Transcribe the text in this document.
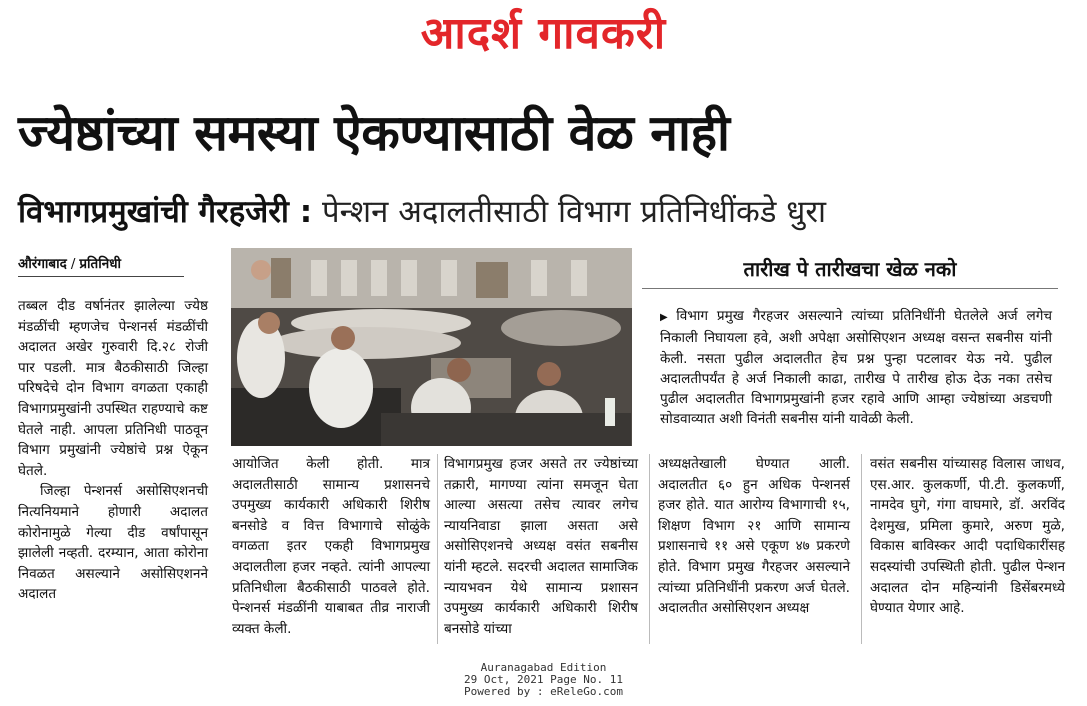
आदर्श गावकरी
ज्येष्ठांच्या समस्या ऐकण्यासाठी वेळ नाही
विभागप्रमुखांची गैरहजेरी : पेन्शन अदालतीसाठी विभाग प्रतिनिधींकडे धुरा
औरंगाबाद / प्रतिनिधी

तब्बल दीड वर्षानंतर झालेल्या ज्येष्ठ मंडळींची म्हणजेच पेन्शनर्स मंडळींची अदालत अखेर गुरुवारी दि.२८ रोजी पार पडली. मात्र बैठकीसाठी जिल्हा परिषदेचे दोन विभाग वगळता एकाही विभागप्रमुखांनी उपस्थित राहण्याचे कष्ट घेतले नाही. आपला प्रतिनिधी पाठवून विभाग प्रमुखांनी ज्येष्ठांचे प्रश्न ऐकून घेतले.

जिल्हा पेन्शनर्स असोसिएशनची नित्यनियमाने होणारी अदालत कोरोनामुळे गेल्या दीड वर्षांपासून झालेली नव्हती. दरम्यान, आता कोरोना निवळत असल्याने असोसिएशनने अदालत

आयोजित केली होती. मात्र अदालतीसाठी सामान्य प्रशासनचे उपमुख्य कार्यकारी अधिकारी शिरीष बनसोडे व वित्त विभागाचे सोळुंके वगळता इतर एकही विभागप्रमुख अदालतीला हजर नव्हते. त्यांनी आपल्या प्रतिनिधीला बैठकीसाठी पाठवले होते. पेन्शनर्स मंडळींनी याबाबत तीव्र नाराजी व्यक्त केली.

विभागप्रमुख हजर असते तर ज्येष्ठांच्या तक्रारी, मागण्या त्यांना समजून घेता आल्या असत्या तसेच त्यावर लगेच न्यायनिवाडा झाला असता असे असोसिएशनचे अध्यक्ष वसंत सबनीस यांनी म्हटले. सदरची अदालत सामाजिक न्यायभवन येथे सामान्य प्रशासन उपमुख्य कार्यकारी अधिकारी शिरीष बनसोडे यांच्या

अध्यक्षतेखाली घेण्यात आली. अदालतीत ६० हुन अधिक पेन्शनर्स हजर होते. यात आरोग्य विभागाची १५, शिक्षण विभाग २१ आणि सामान्य प्रशासनाचे ११ असे एकूण ४७ प्रकरणे होते. विभाग प्रमुख गैरहजर असल्याने त्यांच्या प्रतिनिधींनी प्रकरण अर्ज घेतले. अदालतीत असोसिएशन अध्यक्ष

वसंत सबनीस यांच्यासह विलास जाधव, एस.आर. कुलकर्णी, पी.टी. कुलकर्णी, नामदेव घुगे, गंगा वाघमारे, डॉ. अरविंद देशमुख, प्रमिला कुमारे, अरुण मुळे, विकास बाविस्कर आदी पदाधिकारींसह सदस्यांची उपस्थिती होती. पुढील पेन्शन अदालत दोन महिन्यांनी डिसेंबरमध्ये घेण्यात येणार आहे.

तारीख पे तारीखचा खेळ नको
▶ विभाग प्रमुख गैरहजर असल्याने त्यांच्या प्रतिनिधींनी घेतलेले अर्ज लगेच निकाली निघायला हवे, अशी अपेक्षा असोसिएशन अध्यक्ष वसन्त सबनीस यांनी केली. नसता पुढील अदालतीत हेच प्रश्न पुन्हा पटलावर येऊ नये. पुढील अदालतीपर्यंत हे अर्ज निकाली काढा, तारीख पे तारीख होऊ देऊ नका तसेच पुढील अदालतीत विभागप्रमुखांनी हजर रहावे आणि आम्हा ज्येष्ठांच्या अडचणी सोडवाव्यात अशी विनंती सबनीस यांनी यावेळी केली.
Auranagabad Edition
29 Oct, 2021 Page No. 11
Powered by : eReleGo.com
